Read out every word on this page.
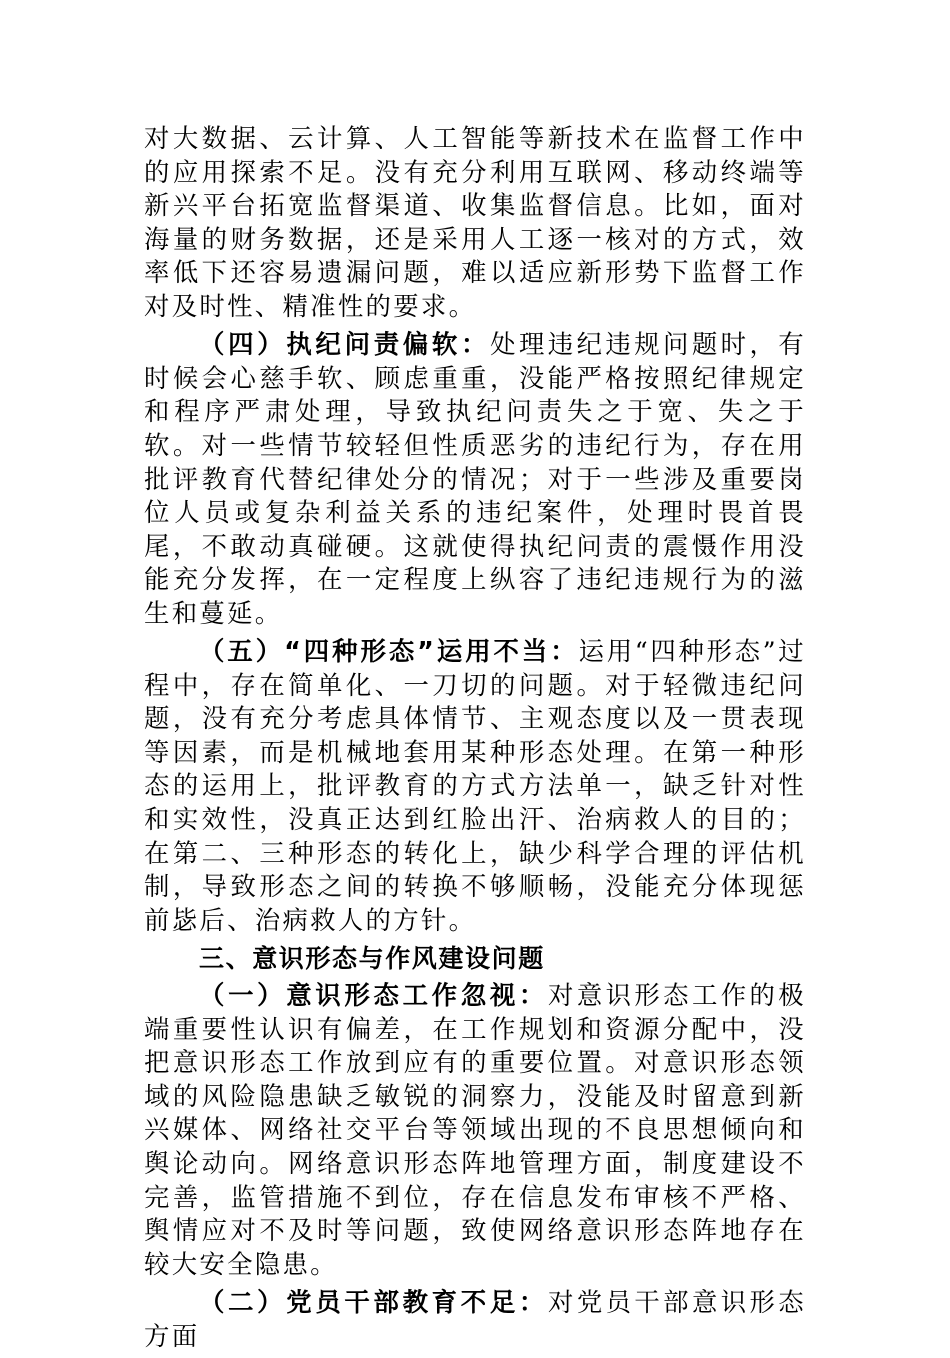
对大数据、云计算、人工智能等新技术在监督工作中的应用探索不足。没有充分利用互联网、移动终端等新兴平台拓宽监督渠道、收集监督信息。比如，面对海量的财务数据，还是采用人工逐一核对的方式，效率低下还容易遗漏问题，难以适应新形势下监督工作对及时性、精准性的要求。

（四）执纪问责偏软：处理违纪违规问题时，有时候会心慈手软、顾虑重重，没能严格按照纪律规定和程序严肃处理，导致执纪问责失之于宽、失之于软。对一些情节较轻但性质恶劣的违纪行为，存在用批评教育代替纪律处分的情况；对于一些涉及重要岗位人员或复杂利益关系的违纪案件，处理时畏首畏尾，不敢动真碰硬。这就使得执纪问责的震慑作用没能充分发挥，在一定程度上纵容了违纪违规行为的滋生和蔓延。

（五）“四种形态”运用不当：运用“四种形态”过程中，存在简单化、一刀切的问题。对于轻微违纪问题，没有充分考虑具体情节、主观态度以及一贯表现等因素，而是机械地套用某种形态处理。在第一种形态的运用上，批评教育的方式方法单一，缺乏针对性和实效性，没真正达到红脸出汗、治病救人的目的；在第二、三种形态的转化上，缺少科学合理的评估机制，导致形态之间的转换不够顺畅，没能充分体现惩前毖后、治病救人的方针。

三、意识形态与作风建设问题

（一）意识形态工作忽视：对意识形态工作的极端重要性认识有偏差，在工作规划和资源分配中，没把意识形态工作放到应有的重要位置。对意识形态领域的风险隐患缺乏敏锐的洞察力，没能及时留意到新兴媒体、网络社交平台等领域出现的不良思想倾向和舆论动向。网络意识形态阵地管理方面，制度建设不完善，监管措施不到位，存在信息发布审核不严格、舆情应对不及时等问题，致使网络意识形态阵地存在较大安全隐患。

（二）党员干部教育不足：对党员干部意识形态方面
